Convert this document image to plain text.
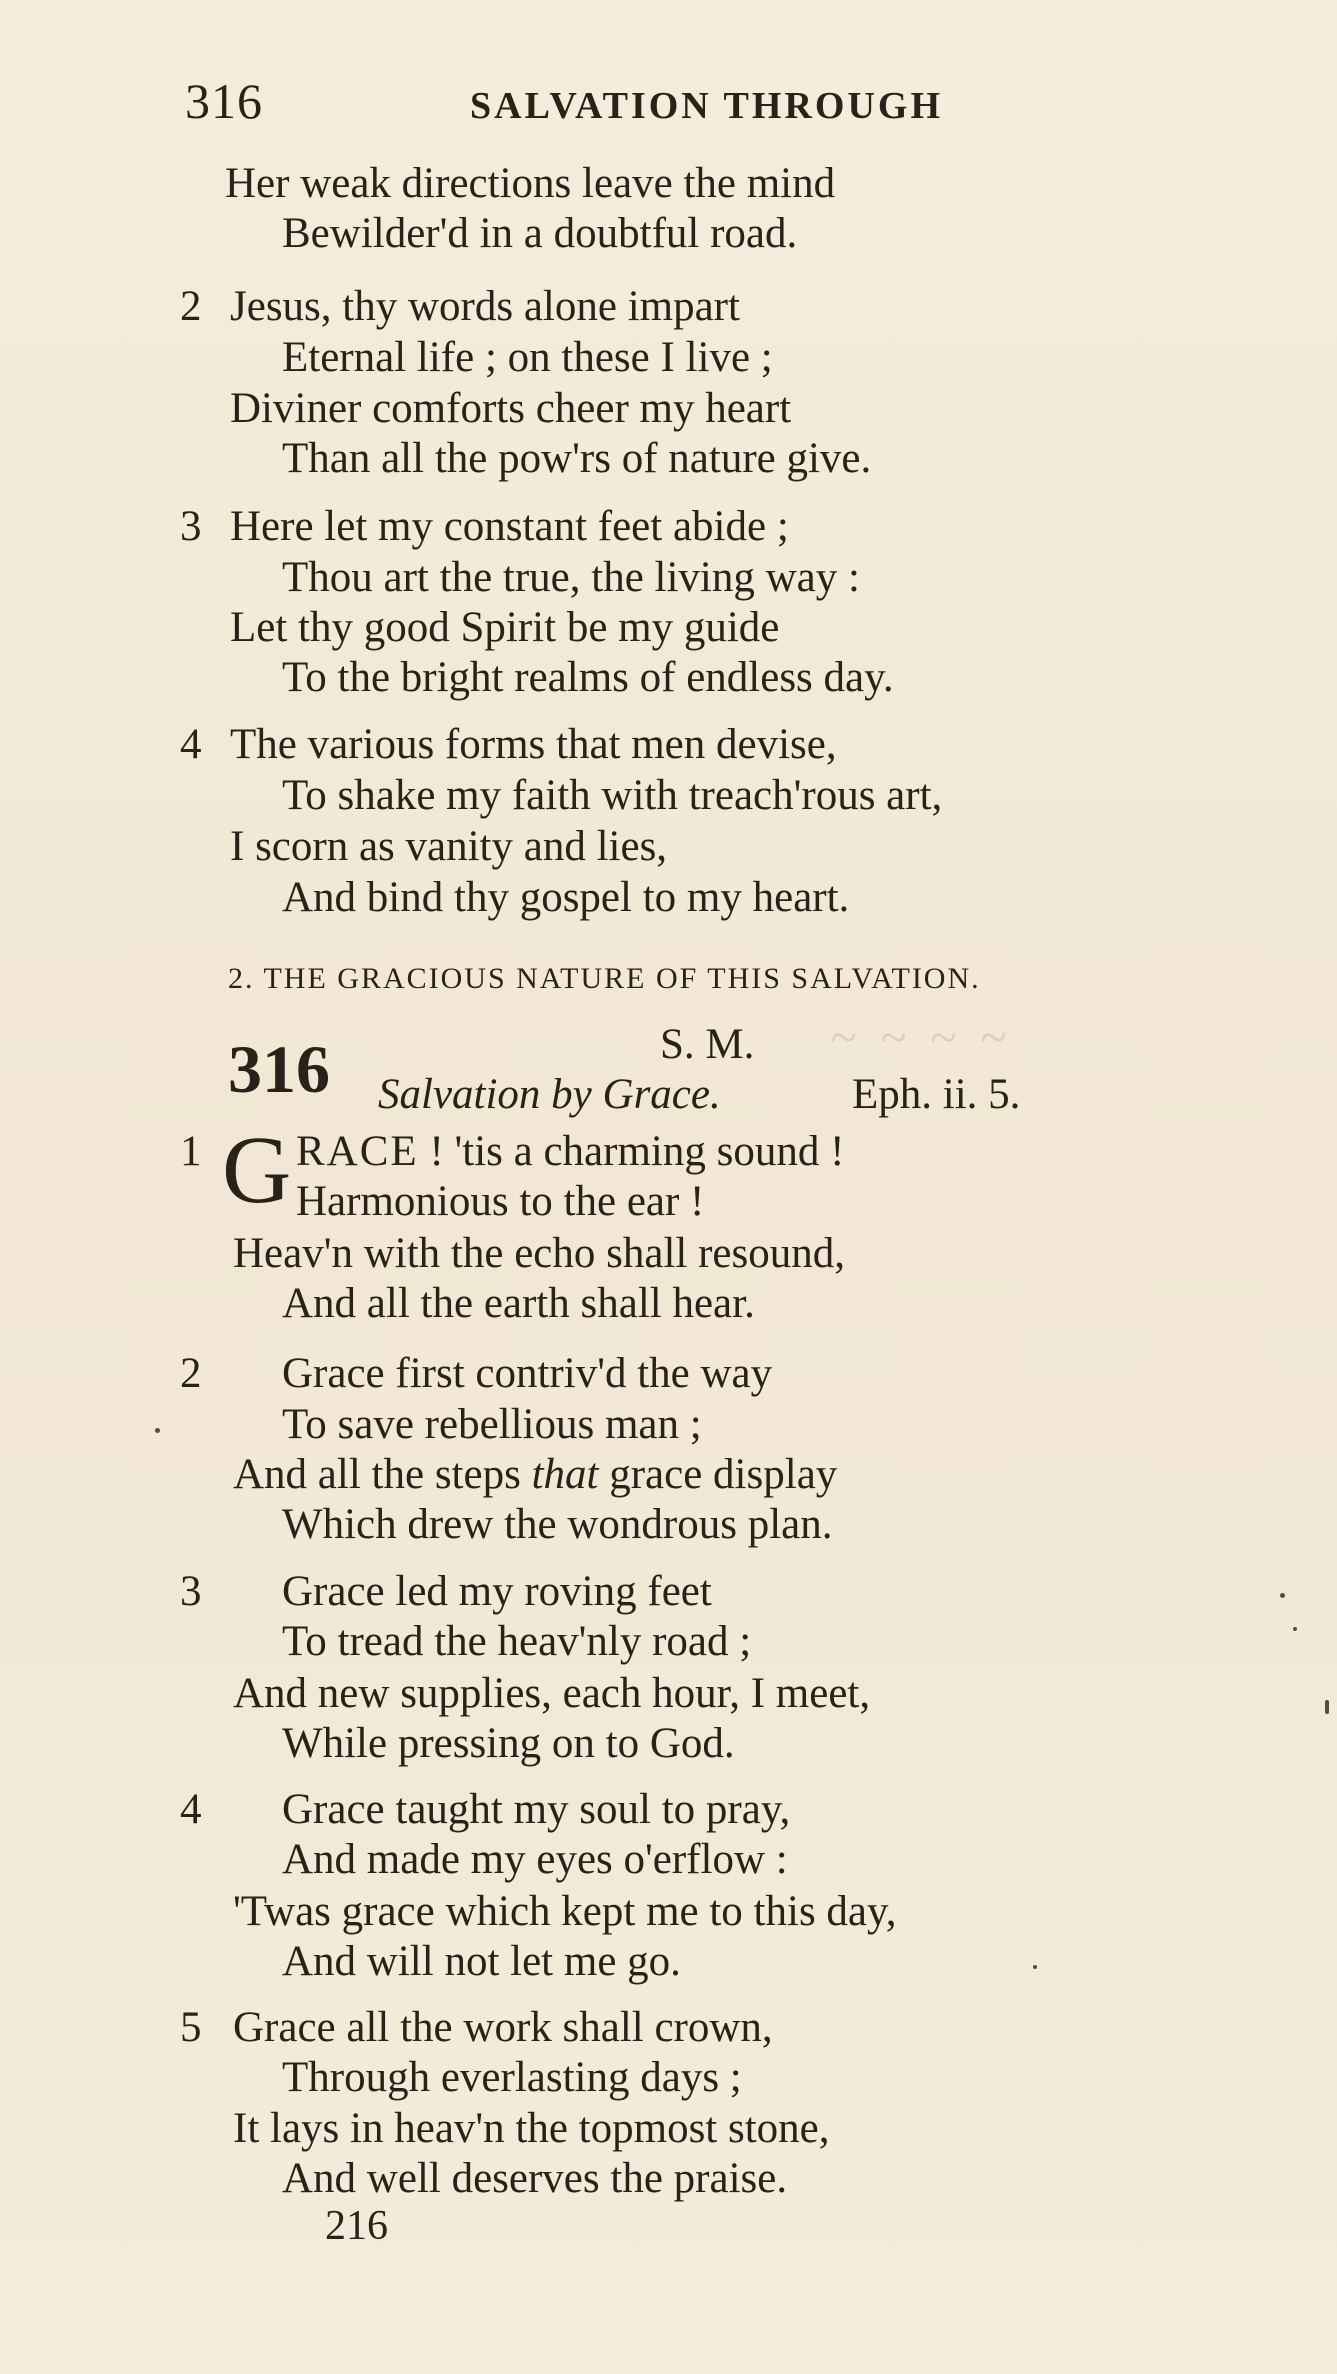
316	SALVATION THROUGH
Her weak directions leave the mind
Bewilder'd in a doubtful road.
2 Jesus, thy words alone impart
Eternal life ; on these I live ;
Diviner comforts cheer my heart
Than all the pow'rs of nature give.
3 Here let my constant feet abide ;
Thou art the true, the living way :
Let thy good Spirit be my guide
To the bright realms of endless day.
4 The various forms that men devise,
To shake my faith with treach'rous art,
I scorn as vanity and lies,
And bind thy gospel to my heart.
2. THE GRACIOUS NATURE OF THIS SALVATION.
~ ~ ~ ~
316	S. M.
Salvation by Grace.	Eph. ii. 5.
1 G RACE ! 'tis a charming sound !
Harmonious to the ear !
Heav'n with the echo shall resound,
And all the earth shall hear.
2 Grace first contriv'd the way
To save rebellious man ;
And all the steps that grace display
Which drew the wondrous plan.
3 Grace led my roving feet
To tread the heav'nly road ;
And new supplies, each hour, I meet,
While pressing on to God.
4 Grace taught my soul to pray,
And made my eyes o'erflow :
'Twas grace which kept me to this day,
And will not let me go.
5 Grace all the work shall crown,
Through everlasting days ;
It lays in heav'n the topmost stone,
And well deserves the praise.
216
